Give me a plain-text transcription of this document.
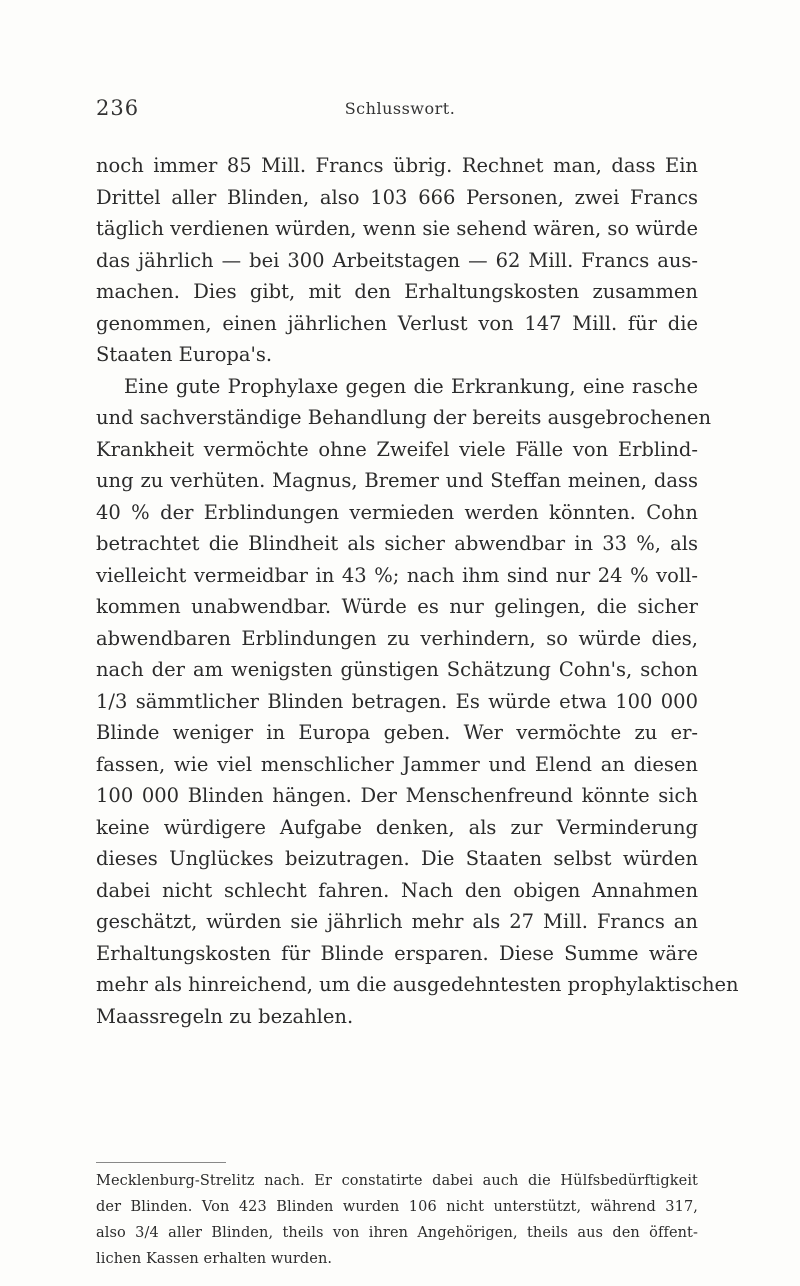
236	Schlusswort.

noch immer 85 Mill. Francs übrig. Rechnet man, dass Ein
Drittel aller Blinden, also 103 666 Personen, zwei Francs
täglich verdienen würden, wenn sie sehend wären, so würde
das jährlich — bei 300 Arbeitstagen — 62 Mill. Francs aus-
machen. Dies gibt, mit den Erhaltungskosten zusammen
genommen, einen jährlichen Verlust von 147 Mill. für die
Staaten Europa's.

Eine gute Prophylaxe gegen die Erkrankung, eine rasche
und sachverständige Behandlung der bereits ausgebrochenen
Krankheit vermöchte ohne Zweifel viele Fälle von Erblind-
ung zu verhüten. Magnus, Bremer und Steffan meinen, dass
40 % der Erblindungen vermieden werden könnten. Cohn
betrachtet die Blindheit als sicher abwendbar in 33 %, als
vielleicht vermeidbar in 43 %; nach ihm sind nur 24 % voll-
kommen unabwendbar. Würde es nur gelingen, die sicher
abwendbaren Erblindungen zu verhindern, so würde dies,
nach der am wenigsten günstigen Schätzung Cohn's, schon
1/3 sämmtlicher Blinden betragen. Es würde etwa 100 000
Blinde weniger in Europa geben. Wer vermöchte zu er-
fassen, wie viel menschlicher Jammer und Elend an diesen
100 000 Blinden hängen. Der Menschenfreund könnte sich
keine würdigere Aufgabe denken, als zur Verminderung
dieses Unglückes beizutragen. Die Staaten selbst würden
dabei nicht schlecht fahren. Nach den obigen Annahmen
geschätzt, würden sie jährlich mehr als 27 Mill. Francs an
Erhaltungskosten für Blinde ersparen. Diese Summe wäre
mehr als hinreichend, um die ausgedehntesten prophylaktischen
Maassregeln zu bezahlen.

Mecklenburg-Strelitz nach. Er constatirte dabei auch die Hülfsbedürftigkeit
der Blinden. Von 423 Blinden wurden 106 nicht unterstützt, während 317,
also 3/4 aller Blinden, theils von ihren Angehörigen, theils aus den öffent-
lichen Kassen erhalten wurden.
